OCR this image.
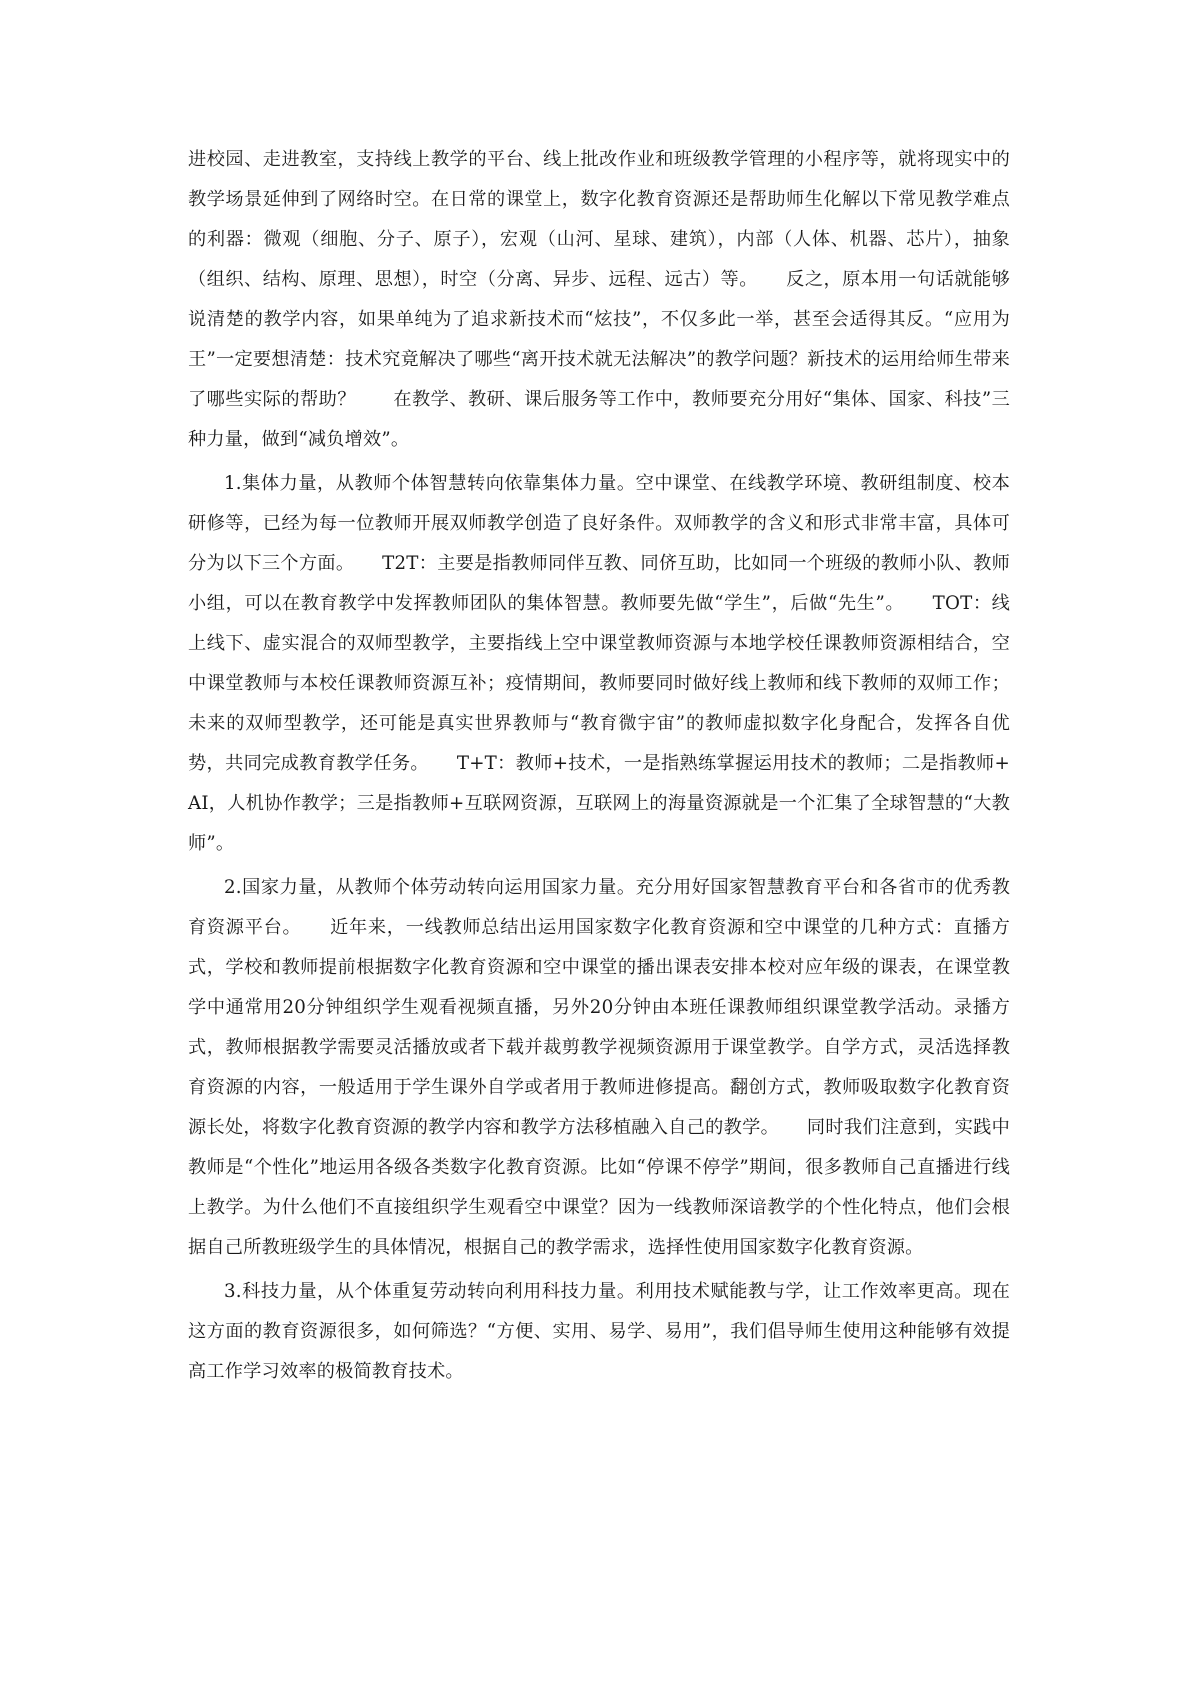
进校园、走进教室，支持线上教学的平台、线上批改作业和班级教学管理的小程序等，就将现实中的教学场景延伸到了网络时空。在日常的课堂上，数字化教育资源还是帮助师生化解以下常见教学难点的利器：微观（细胞、分子、原子），宏观（山河、星球、建筑），内部（人体、机器、芯片），抽象（组织、结构、原理、思想），时空（分离、异步、远程、远古）等。　　反之，原本用一句话就能够说清楚的教学内容，如果单纯为了追求新技术而“炫技”，不仅多此一举，甚至会适得其反。“应用为王”一定要想清楚：技术究竟解决了哪些“离开技术就无法解决”的教学问题？新技术的运用给师生带来了哪些实际的帮助？　　在教学、教研、课后服务等工作中，教师要充分用好“集体、国家、科技”三种力量，做到“减负增效”。

1.集体力量，从教师个体智慧转向依靠集体力量。空中课堂、在线教学环境、教研组制度、校本研修等，已经为每一位教师开展双师教学创造了良好条件。双师教学的含义和形式非常丰富，具体可分为以下三个方面。　　T2T：主要是指教师同伴互教、同侪互助，比如同一个班级的教师小队、教师小组，可以在教育教学中发挥教师团队的集体智慧。教师要先做“学生”，后做“先生”。　　TOT：线上线下、虚实混合的双师型教学，主要指线上空中课堂教师资源与本地学校任课教师资源相结合，空中课堂教师与本校任课教师资源互补；疫情期间，教师要同时做好线上教师和线下教师的双师工作；未来的双师型教学，还可能是真实世界教师与“教育微宇宙”的教师虚拟数字化身配合，发挥各自优势，共同完成教育教学任务。　　T+T：教师+技术，一是指熟练掌握运用技术的教师；二是指教师+AI，人机协作教学；三是指教师+互联网资源，互联网上的海量资源就是一个汇集了全球智慧的“大教师”。

2.国家力量，从教师个体劳动转向运用国家力量。充分用好国家智慧教育平台和各省市的优秀教育资源平台。　　近年来，一线教师总结出运用国家数字化教育资源和空中课堂的几种方式：直播方式，学校和教师提前根据数字化教育资源和空中课堂的播出课表安排本校对应年级的课表，在课堂教学中通常用20分钟组织学生观看视频直播，另外20分钟由本班任课教师组织课堂教学活动。录播方式，教师根据教学需要灵活播放或者下载并裁剪教学视频资源用于课堂教学。自学方式，灵活选择教育资源的内容，一般适用于学生课外自学或者用于教师进修提高。翻创方式，教师吸取数字化教育资源长处，将数字化教育资源的教学内容和教学方法移植融入自己的教学。　　同时我们注意到，实践中教师是“个性化”地运用各级各类数字化教育资源。比如“停课不停学”期间，很多教师自己直播进行线上教学。为什么他们不直接组织学生观看空中课堂？因为一线教师深谙教学的个性化特点，他们会根据自己所教班级学生的具体情况，根据自己的教学需求，选择性使用国家数字化教育资源。

3.科技力量，从个体重复劳动转向利用科技力量。利用技术赋能教与学，让工作效率更高。现在这方面的教育资源很多，如何筛选？“方便、实用、易学、易用”，我们倡导师生使用这种能够有效提高工作学习效率的极简教育技术。
